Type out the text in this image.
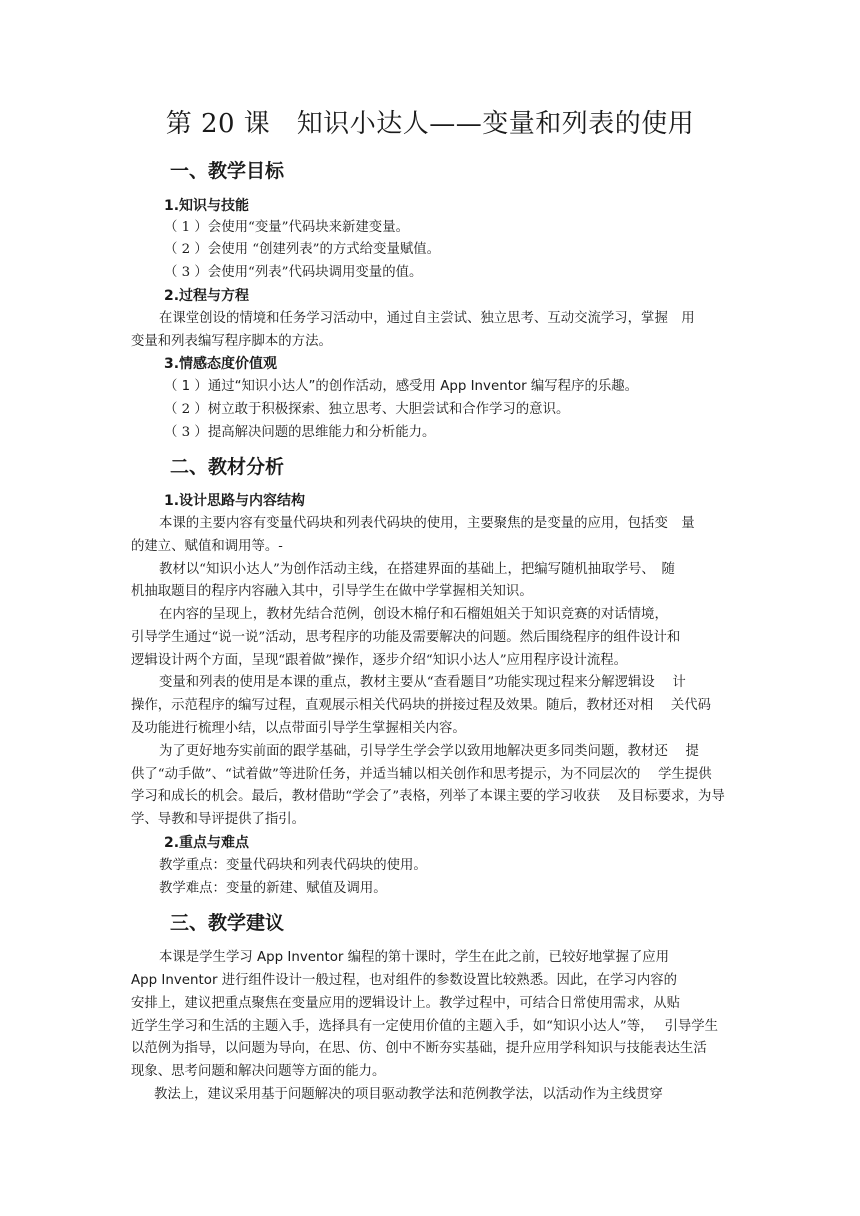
第 20 课　知识小达人——变量和列表的使用
一、教学目标
1.知识与技能
（ 1 ）会使用“变量”代码块来新建变量。
（ 2 ）会使用 “创建列表”的方式给变量赋值。
（ 3 ）会使用“列表”代码块调用变量的值。
2.过程与方程
在课堂创设的情境和任务学习活动中，通过自主尝试、独立思考、互动交流学习，掌握　用
变量和列表编写程序脚本的方法。
3.情感态度价值观
（ 1 ）通过“知识小达人”的创作活动，感受用 App Inventor 编写程序的乐趣。
（ 2 ）树立敢于积极探索、独立思考、大胆尝试和合作学习的意识。
（ 3 ）提高解决问题的思维能力和分析能力。
二、教材分析
1.设计思路与内容结构
本课的主要内容有变量代码块和列表代码块的使用，主要聚焦的是变量的应用，包括变　量
的建立、赋值和调用等。-
教材以“知识小达人”为创作活动主线，在搭建界面的基础上，把编写随机抽取学号、　随
机抽取题目的程序内容融入其中，引导学生在做中学掌握相关知识。
在内容的呈现上，教材先结合范例，创设木棉仔和石榴姐姐关于知识竞赛的对话情境，
引导学生通过“说一说”活动，思考程序的功能及需要解决的问题。然后围绕程序的组件设计和
逻辑设计两个方面，呈现“跟着做”操作，逐步介绍“知识小达人”应用程序设计流程。
变量和列表的使用是本课的重点，教材主要从“查看题目”功能实现过程来分解逻辑设　 计
操作，示范程序的编写过程，直观展示相关代码块的拼接过程及效果。随后，教材还对相　 关代码
及功能进行梳理小结，以点带面引导学生掌握相关内容。
为了更好地夯实前面的跟学基础，引导学生学会学以致用地解决更多同类问题，教材还　 提
供了“动手做”、“试着做”等进阶任务，并适当辅以相关创作和思考提示，为不同层次的　 学生提供
学习和成长的机会。最后，教材借助“学会了”表格，列举了本课主要的学习收获　 及目标要求，为导
学、导教和导评提供了指引。
2.重点与难点
教学重点：变量代码块和列表代码块的使用。
教学难点：变量的新建、赋值及调用。
三、教学建议
本课是学生学习 App Inventor 编程的第十课时，学生在此之前，已较好地掌握了应用
App Inventor 进行组件设计一般过程，也对组件的参数设置比较熟悉。因此，在学习内容的
安排上，建议把重点聚焦在变量应用的逻辑设计上。教学过程中，可结合日常使用需求，从贴
近学生学习和生活的主题入手，选择具有一定使用价值的主题入手，如“知识小达人”等，　 引导学生
以范例为指导，以问题为导向，在思、仿、创中不断夯实基础，提升应用学科知识与技能表达生活
现象、思考问题和解决问题等方面的能力。
教法上，建议采用基于问题解决的项目驱动教学法和范例教学法，以活动作为主线贯穿
